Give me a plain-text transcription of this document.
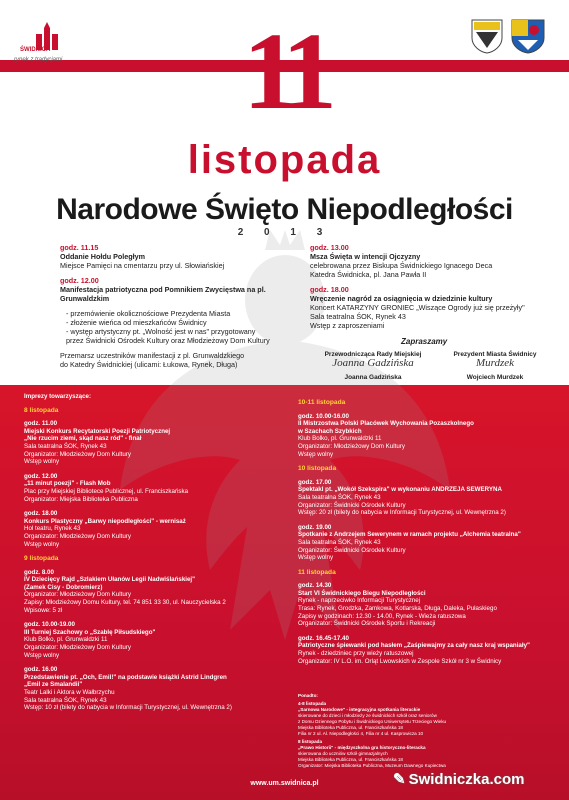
ŚWIDNICA
rynek z tradycjami	11
listopada
Narodowe Święto Niepodległości
2 0 1 3
godz. 11.15
Oddanie Hołdu Poległym
Miejsce Pamięci na cmentarzu przy ul. Słowiańskiej
godz. 12.00
Manifestacja patriotyczna pod Pomnikiem Zwycięstwa na pl. Grunwaldzkim
- przemówienie okolicznościowe Prezydenta Miasta
- złożenie wieńca od mieszkańców Świdnicy
- występ artystyczny pt. „Wolność jest w nas" przygotowany
przez Świdnicki Ośrodek Kultury oraz Młodzieżowy Dom Kultury
Przemarsz uczestników manifestacji z pl. Grunwaldzkiego
do Katedry Świdnickiej (ulicami: Łukowa, Rynek, Długa)
godz. 13.00
Msza Święta w intencji Ojczyzny
celebrowana przez Biskupa Świdnickiego Ignacego Deca
Katedra Świdnicka, pl. Jana Pawła II
godz. 18.00
Wręczenie nagród za osiągnięcia w dziedzinie kultury
Koncert KATARZYNY GRONIEC „Wiszące Ogrody już się przeżyły"
Sala teatralna ŚOK, Rynek 43
Wstęp z zaproszeniami
Zapraszamy
Przewodnicząca Rady Miejskiej
Joanna Gadzińska
Joanna Gadzińska
Prezydent Miasta Świdnicy
Murdzek
Wojciech Murdzek
Imprezy towarzyszące:
8 listopada
godz. 11.00
Miejski Konkurs Recytatorski Poezji Patriotycznej
„Nie rzucim ziemi, skąd nasz ród" - finał
Sala teatralna ŚOK, Rynek 43
Organizator: Młodzieżowy Dom Kultury
Wstęp wolny
godz. 12.00
„11 minut poezji" - Flash Mob
Plac przy Miejskiej Bibliotece Publicznej, ul. Franciszkańska
Organizator: Miejska Biblioteka Publiczna
godz. 18.00
Konkurs Plastyczny „Barwy niepodległości" - wernisaż
Hol teatru, Rynek 43
Organizator: Młodzieżowy Dom Kultury
Wstęp wolny
9 listopada
godz. 8.00
IV Dziecięcy Rajd „Szlakiem Ułanów Legii Nadwiślańskiej"
(Zamek Cisy - Dobromierz)
Organizator: Młodzieżowy Dom Kultury
Zapisy: Młodzieżowy Domu Kultury, tel. 74 851 33 30, ul. Nauczycielska 2
Wpisowe: 5 zł
godz. 10.00-19.00
III Turniej Szachowy o „Szablę Piłsudskiego"
Klub Bolko, pl. Grunwaldzki 11
Organizator: Młodzieżowy Dom Kultury
Wstęp wolny
godz. 16.00
Przedstawienie pt. „Och, Emil!" na podstawie książki Astrid Lindgren
„Emil ze Smalandii"
Teatr Lalki i Aktora w Wałbrzychu
Sala teatralna ŚOK, Rynek 43
Wstęp: 10 zł (bilety do nabycia w Informacji Turystycznej, ul. Wewnętrzna 2)
10-11 listopada
godz. 10.00-16.00
II Mistrzostwa Polski Placówek Wychowania Pozaszkolnego
w Szachach Szybkich
Klub Bolko, pl. Grunwaldzki 11
Organizator: Młodzieżowy Dom Kultury
Wstęp wolny
10 listopada
godz. 17.00
Spektakl pt. „Wokół Szekspira" w wykonaniu ANDRZEJA SEWERYNA
Sala teatralna ŚOK, Rynek 43
Organizator: Świdnicki Ośrodek Kultury
Wstęp: 20 zł (bilety do nabycia w Informacji Turystycznej, ul. Wewnętrzna 2)
godz. 19.00
Spotkanie z Andrzejem Sewerynem w ramach projektu „Alchemia teatralna"
Sala teatralna ŚOK, Rynek 43
Organizator: Świdnicki Ośrodek Kultury
Wstęp wolny
11 listopada
godz. 14.30
Start VI Świdnickiego Biegu Niepodległości
Rynek - naprzeciwko Informacji Turystycznej
Trasa: Rynek, Grodzka, Zamkowa, Kotlarska, Długa, Daleka, Pułaskiego
Zapisy w godzinach: 12.30 - 14.00, Rynek - Wieża ratuszowa
Organizator: Świdnicki Ośrodek Sportu i Rekreacji
godz. 16.45-17.40
Patriotyczne śpiewanki pod hasłem „Zaśpiewajmy za cały nasz kraj wspaniały"
Rynek - dziedziniec przy wieży ratuszowej
Organizator: IV L.O. im. Orląt Lwowskich w Zespole Szkół nr 3 w Świdnicy
Ponadto:
4-8 listopada
„Sarnowa Narodowe" - integracyjna spotkania literackie
skierowane do dzieci i młodzieży ze świdnickich szkół oraz seniorów
z Domu Dziennego Pobytu i Świdnickiego Uniwersytetu Trzeciego Wieku
Miejska Biblioteka Publiczna, ul. Franciszkańska 18
Filia nr 2 ul. Al. Niepodległości 4, Filia nr 4 ul. Kasprowicza 10
8 listopada
„Prawo Historii" - międzyszkolna gra historyczno-literacka
skierowana do uczniów szkół gimnazjalnych
Miejska Biblioteka Publiczna, ul. Franciszkańska 18
Organizator: Miejska Biblioteka Publiczna, Muzeum Dawnego Kupiectwa
www.um.swidnica.pl	✎ Swidniczka.com
